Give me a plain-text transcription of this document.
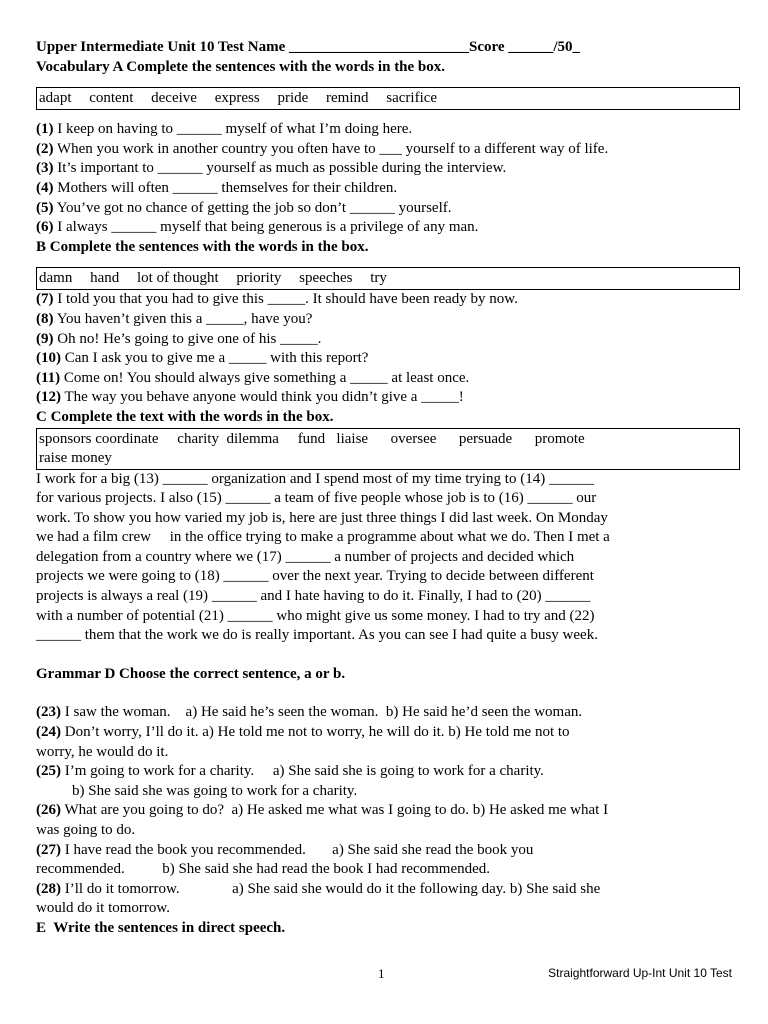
Upper Intermediate Unit 10 Test Name ________________________Score ______/50_
Vocabulary A Complete the sentences with the words in the box.
adapt content deceive express pride remind sacrifice
(1) I keep on having to ______ myself of what I’m doing here.
(2) When you work in another country you often have to ___ yourself to a different way of life.
(3) It’s important to ______ yourself as much as possible during the interview.
(4) Mothers will often ______ themselves for their children.
(5) You’ve got no chance of getting the job so don’t ______ yourself.
(6) I always ______ myself that being generous is a privilege of any man.
B Complete the sentences with the words in the box.
damn hand lot of thought priority speeches try
(7) I told you that you had to give this _____. It should have been ready by now.
(8) You haven’t given this a _____, have you?
(9) Oh no! He’s going to give one of his _____.
(10) Can I ask you to give me a _____ with this report?
(11) Come on! You should always give something a _____ at least once.
(12) The way you behave anyone would think you didn’t give a _____!
C Complete the text with the words in the box.
sponsors coordinate     charity  dilemma     fund   liaise      oversee      persuade      promote
raise money
I work for a big (13) ______ organization and I spend most of my time trying to (14) ______
for various projects. I also (15) ______ a team of five people whose job is to (16) ______ our
work. To show you how varied my job is, here are just three things I did last week. On Monday
we had a film crew     in the office trying to make a programme about what we do. Then I met a
delegation from a country where we (17) ______ a number of projects and decided which
projects we were going to (18) ______ over the next year. Trying to decide between different
projects is always a real (19) ______ and I hate having to do it. Finally, I had to (20) ______
with a number of potential (21) ______ who might give us some money. I had to try and (22)
______ them that the work we do is really important. As you can see I had quite a busy week.
Grammar D Choose the correct sentence, a or b.
(23) I saw the woman.    a) He said he’s seen the woman.  b) He said he’d seen the woman.
(24) Don’t worry, I’ll do it. a) He told me not to worry, he will do it. b) He told me not to
worry, he would do it.
(25) I’m going to work for a charity.     a) She said she is going to work for a charity.
b) She said she was going to work for a charity.
(26) What are you going to do?  a) He asked me what was I going to do. b) He asked me what I
was going to do.
(27) I have read the book you recommended.       a) She said she read the book you
recommended.          b) She said she had read the book I had recommended.
(28) I’ll do it tomorrow.              a) She said she would do it the following day. b) She said she
would do it tomorrow.
E  Write the sentences in direct speech.
1	Straightforward Up-Int Unit 10 Test
